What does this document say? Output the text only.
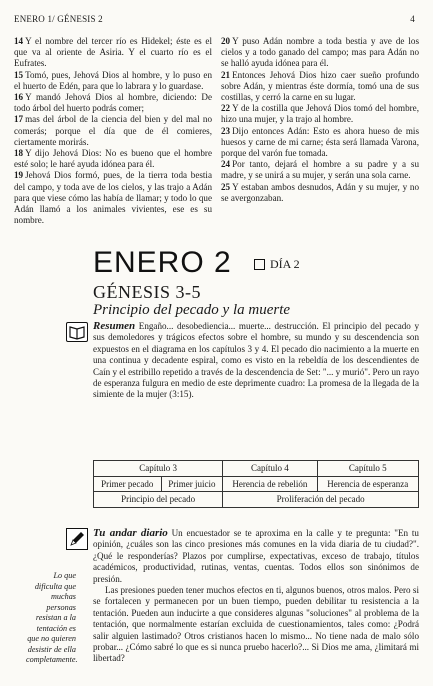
ENERO 1/ GÉNESIS 2	4

14 Y el nombre del tercer río es Hidekel; éste es el que va al oriente de Asiria. Y el cuarto río es el Eufrates.

15 Tomó, pues, Jehová Dios al hombre, y lo puso en el huerto de Edén, para que lo labrara y lo guardase.

16 Y mandó Jehová Dios al hombre, diciendo: De todo árbol del huerto podrás comer;

17 mas del árbol de la ciencia del bien y del mal no comerás; porque el día que de él comieres, ciertamente morirás.

18 Y dijo Jehová Dios: No es bueno que el hombre esté solo; le haré ayuda idónea para él.

19 Jehová Dios formó, pues, de la tierra toda bestia del campo, y toda ave de los cielos, y las trajo a Adán para que viese cómo las había de llamar; y todo lo que Adán llamó a los animales vivientes, ese es su nombre.

20 Y puso Adán nombre a toda bestia y ave de los cielos y a todo ganado del campo; mas para Adán no se halló ayuda idónea para él.

21 Entonces Jehová Dios hizo caer sueño profundo sobre Adán, y mientras éste dormía, tomó una de sus costillas, y cerró la carne en su lugar.

22 Y de la costilla que Jehová Dios tomó del hombre, hizo una mujer, y la trajo al hombre.

23 Dijo entonces Adán: Esto es ahora hueso de mis huesos y carne de mi carne; ésta será llamada Varona, porque del varón fue tomada.

24 Por tanto, dejará el hombre a su padre y a su madre, y se unirá a su mujer, y serán una sola carne.

25 Y estaban ambos desnudos, Adán y su mujer, y no se avergonzaban.

ENERO 2	DÍA 2
GÉNESIS 3-5
Principio del pecado y la muerte

Resumen Engaño... desobediencia... muerte... destrucción. El principio del pecado y sus demoledores y trágicos efectos sobre el hombre, su mundo y su descendencia son expuestos en el diagrama en los capítulos 3 y 4. El pecado dio nacimiento a la muerte en una continua y decadente espiral, como es visto en la rebeldía de los descendientes de Caín y el estribillo repetido a través de la descendencia de Set: "... y murió". Pero un rayo de esperanza fulgura en medio de este deprimente cuadro: La promesa de la llegada de la simiente de la mujer (3:15).

Capítulo 3		Capítulo 4	Capítulo 5
Primer pecado	Primer juicio	Herencia de rebelión	Herencia de esperanza
Principio del pecado		Proliferación del pecado	

Tu andar diario Un encuestador se te aproxima en la calle y te pregunta: "En tu opinión, ¿cuáles son las cinco presiones más comunes en la vida diaria de tu ciudad?". ¿Qué le responderías? Plazos por cumplirse, expectativas, exceso de trabajo, títulos académicos, productividad, rutinas, ventas, cuentas. Todos ellos son sinónimos de presión.

Las presiones pueden tener muchos efectos en ti, algunos buenos, otros malos. Pero si se fortalecen y permanecen por un buen tiempo, pueden debilitar tu resistencia a la tentación. Pueden aun inducirte a que consideres algunas "soluciones" al problema de la tentación, que normalmente estarían excluida de cuestionamientos, tales como: ¿Podrá salir alguien lastimado? Otros cristianos hacen lo mismo... No tiene nada de malo sólo probar... ¿Cómo sabré lo que es si nunca pruebo hacerlo?... Si Dios me ama, ¿limitará mi libertad?

Lo que dificulta que muchas personas resistan a la tentación es que no quieren desistir de ella completamente.
